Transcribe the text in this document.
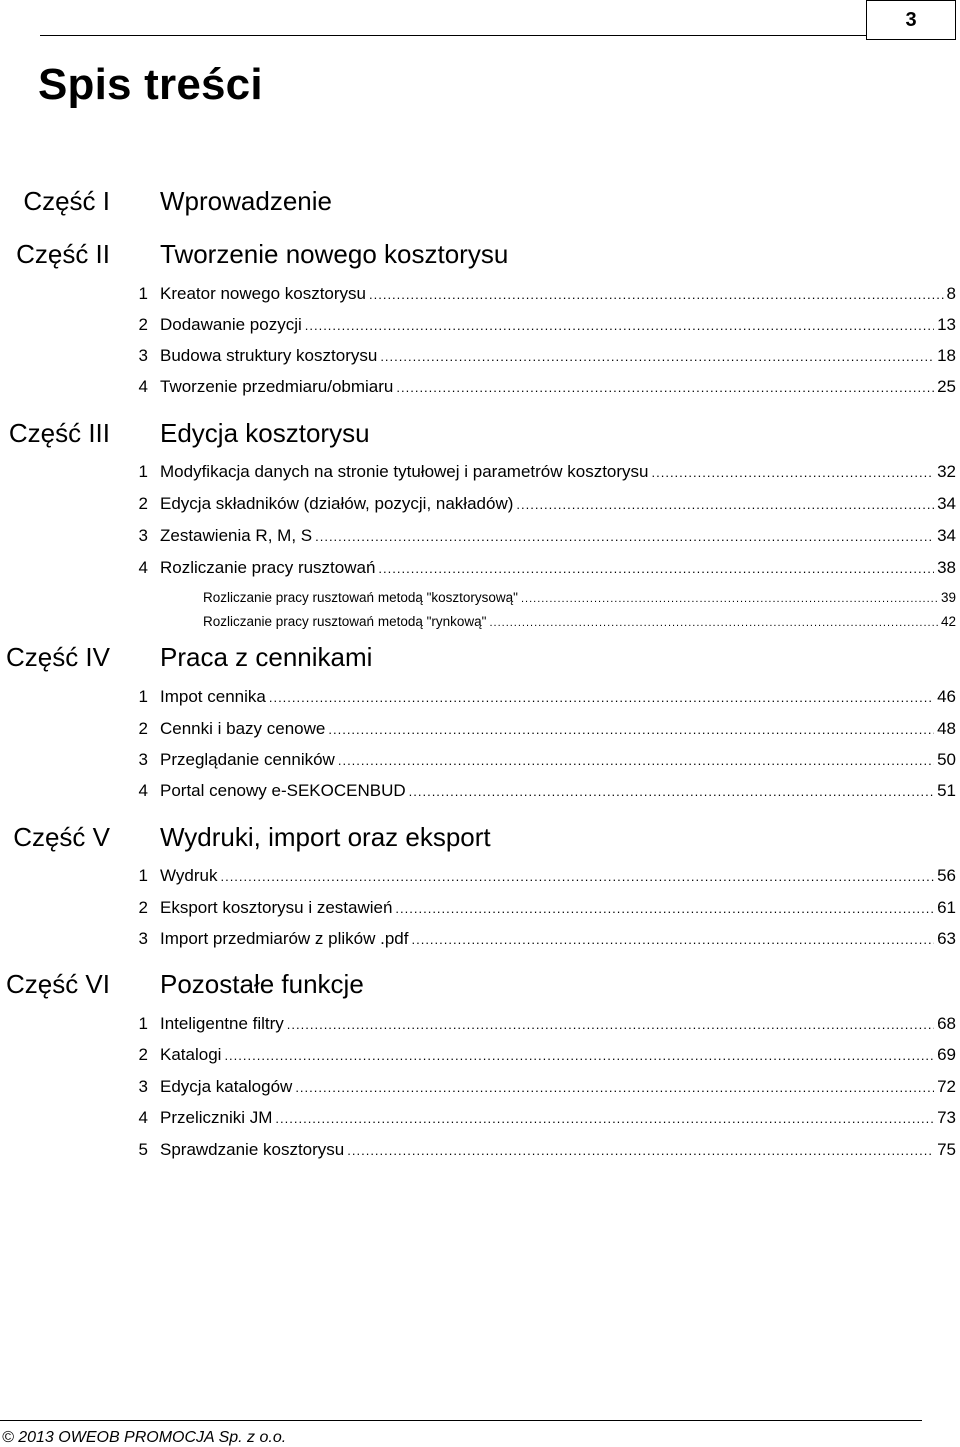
3
Spis treści
Część I Wprowadzenie
Część II Tworzenie nowego kosztorysu
1 Kreator nowego kosztorysu .....	8
2 Dodawanie pozycji .....	13
3 Budowa struktury kosztorysu .....	18
4 Tworzenie przedmiaru/obmiaru .....	25
Część III Edycja kosztorysu
1 Modyfikacja danych na stronie tytułowej i parametrów kosztorysu .....	32
2 Edycja składników (działów, pozycji, nakładów) .....	34
3 Zestawienia R, M, S .....	34
4 Rozliczanie pracy rusztowań .....	38
Rozliczanie pracy rusztowań metodą "kosztorysową" .....	39
Rozliczanie pracy rusztowań metodą "rynkową" .....	42
Część IV Praca z cennikami
1 Impot cennika .....	46
2 Cennki i bazy cenowe .....	48
3 Przeglądanie cenników .....	50
4 Portal cenowy e-SEKOCENBUD .....	51
Część V Wydruki, import oraz eksport
1 Wydruk .....	56
2 Eksport kosztorysu i zestawień .....	61
3 Import przedmiarów z plików .pdf .....	63
Część VI Pozostałe funkcje
1 Inteligentne filtry .....	68
2 Katalogi .....	69
3 Edycja katalogów .....	72
4 Przeliczniki JM .....	73
5 Sprawdzanie kosztorysu .....	75
© 2013 OWEOB PROMOCJA Sp. z o.o.
